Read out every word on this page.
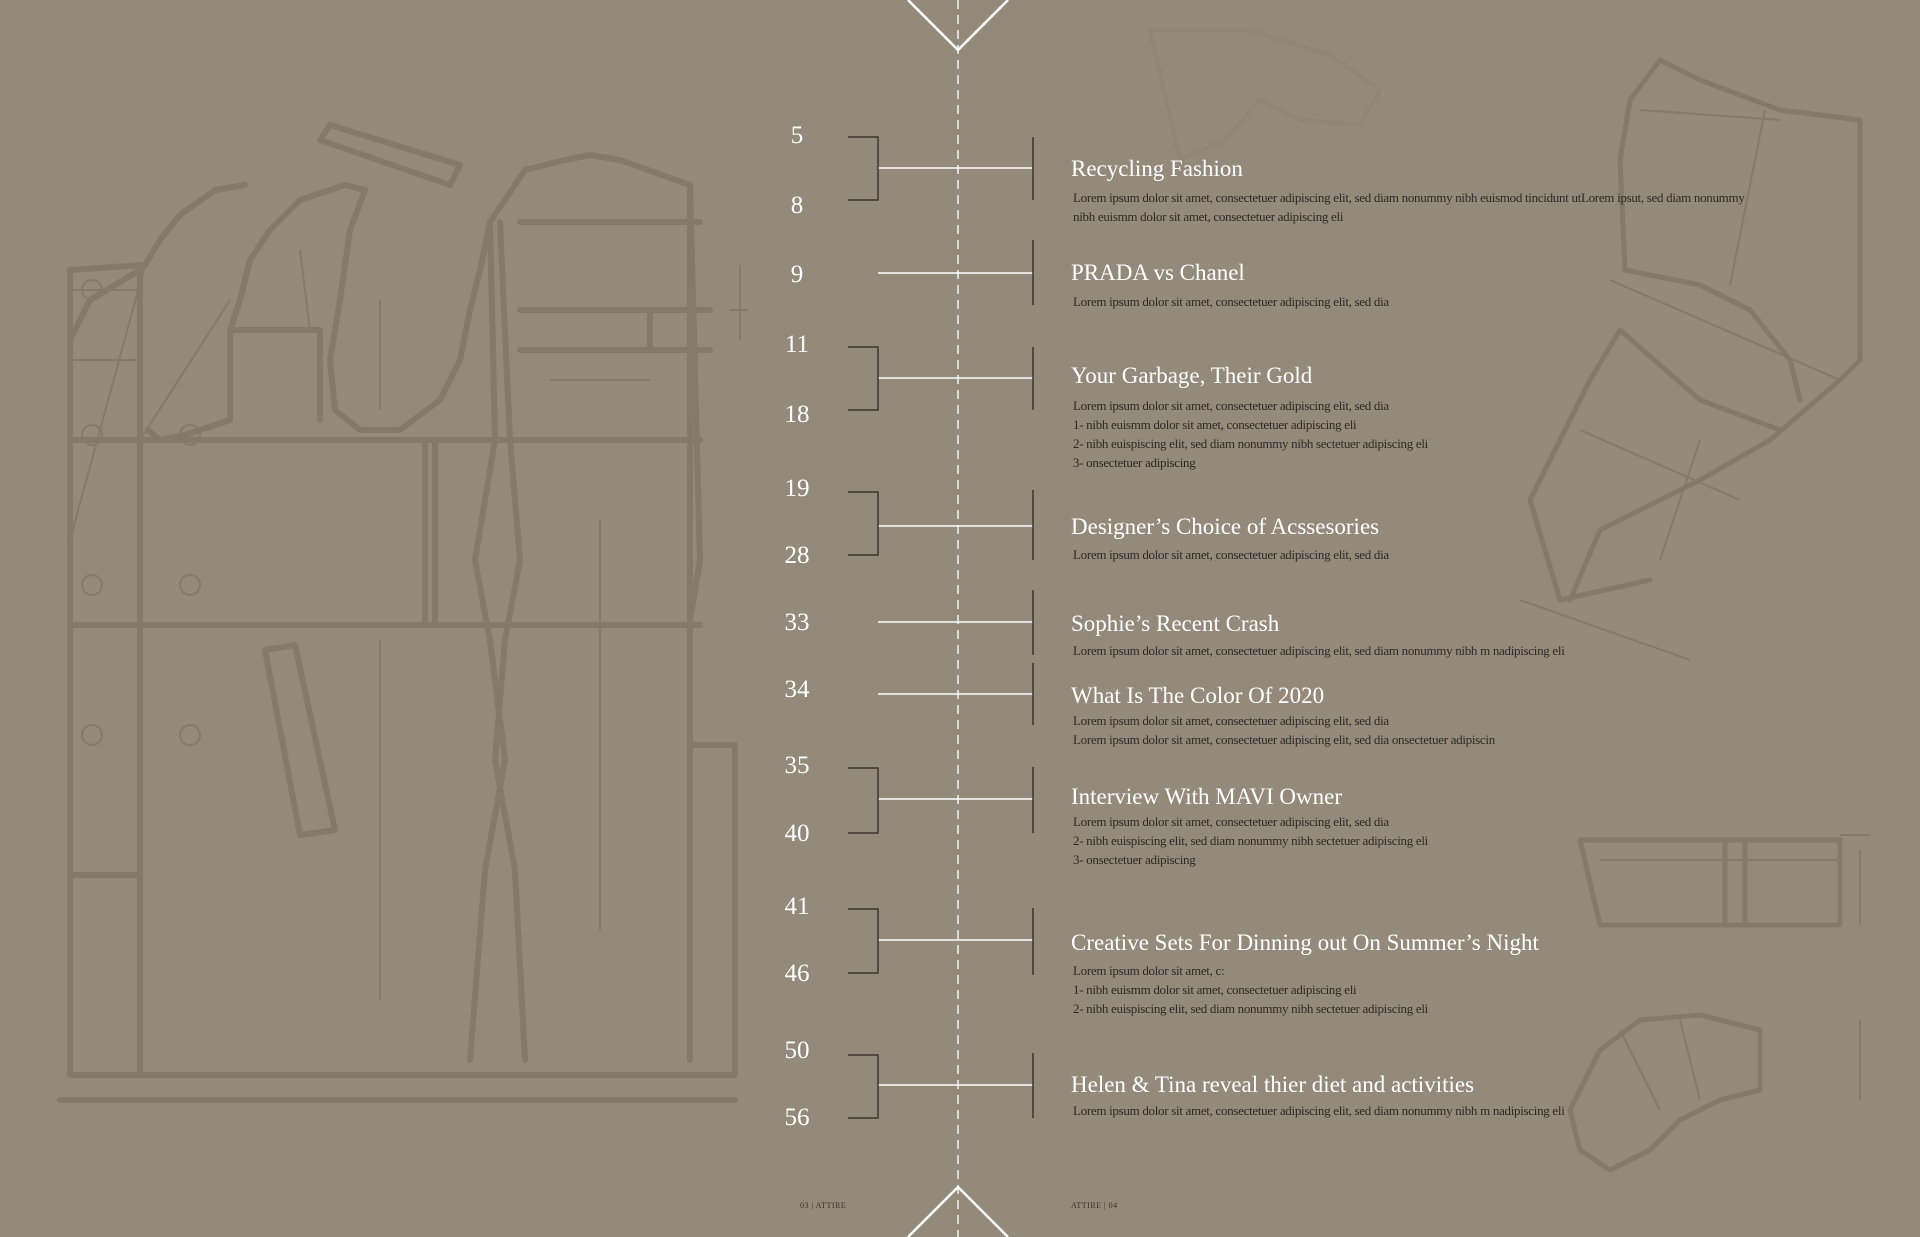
5
8
9
11
18
19
28
33
34
35
40
41
46
50
56
Recycling Fashion
Lorem ipsum dolor sit amet, consectetuer adipiscing elit, sed diam nonummy nibh euismod tincidunt utLorem ipsut, sed diam nonummy
nibh euismm dolor sit amet, consectetuer adipiscing eli
PRADA vs Chanel
Lorem ipsum dolor sit amet, consectetuer adipiscing elit, sed dia
Your Garbage, Their Gold
Lorem ipsum dolor sit amet, consectetuer adipiscing elit, sed dia
1- nibh euismm dolor sit amet, consectetuer adipiscing eli
2- nibh euispiscing elit, sed diam nonummy nibh sectetuer adipiscing eli
3- onsectetuer adipiscing
Designer’s Choice of Acssesories
Lorem ipsum dolor sit amet, consectetuer adipiscing elit, sed dia
Sophie’s Recent Crash
Lorem ipsum dolor sit amet, consectetuer adipiscing elit, sed diam nonummy nibh m nadipiscing eli
What Is The Color Of 2020
Lorem ipsum dolor sit amet, consectetuer adipiscing elit, sed dia
Lorem ipsum dolor sit amet, consectetuer adipiscing elit, sed dia onsectetuer adipiscin
Interview With MAVI Owner
Lorem ipsum dolor sit amet, consectetuer adipiscing elit, sed dia
2- nibh euispiscing elit, sed diam nonummy nibh sectetuer adipiscing eli
3- onsectetuer adipiscing
Creative Sets For Dinning out On Summer’s Night
Lorem ipsum dolor sit amet, c:
1- nibh euismm dolor sit amet, consectetuer adipiscing eli
2- nibh euispiscing elit, sed diam nonummy nibh sectetuer adipiscing eli
Helen & Tina reveal thier diet and activities
Lorem ipsum dolor sit amet, consectetuer adipiscing elit, sed diam nonummy nibh m nadipiscing eli
03 | ATTIRE	ATTIRE | 04
